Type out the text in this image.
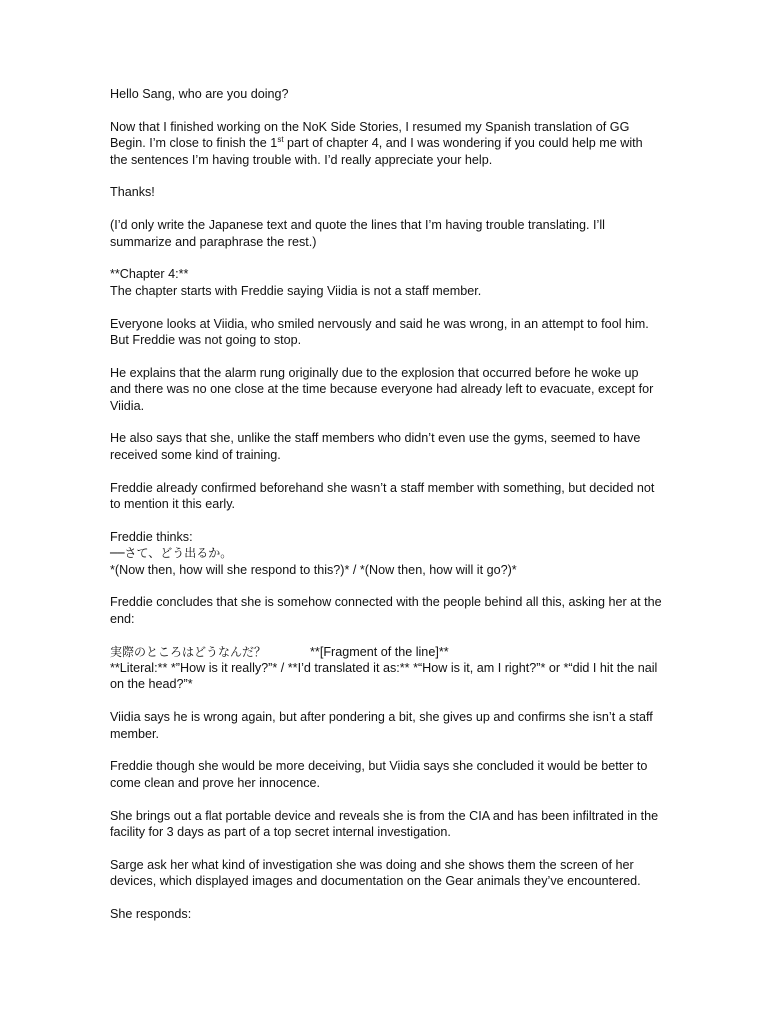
Hello Sang, who are you doing?

Now that I finished working on the NoK Side Stories, I resumed my Spanish translation of GG Begin. I’m close to finish the 1st part of chapter 4, and I was wondering if you could help me with the sentences I’m having trouble with. I’d really appreciate your help.

Thanks!

(I’d only write the Japanese text and quote the lines that I’m having trouble translating. I’ll summarize and paraphrase the rest.)

**Chapter 4:**
The chapter starts with Freddie saying Viidia is not a staff member.

Everyone looks at Viidia, who smiled nervously and said he was wrong, in an attempt to fool him. But Freddie was not going to stop.

He explains that the alarm rung originally due to the explosion that occurred before he woke up and there was no one close at the time because everyone had already left to evacuate, except for Viidia.

He also says that she, unlike the staff members who didn’t even use the gyms, seemed to have received some kind of training.

Freddie already confirmed beforehand she wasn’t a staff member with something, but decided not to mention it this early.

Freddie thinks:
──さて、どう出るか。
*(Now then, how will she respond to this?)* / *(Now then, how will it go?)*

Freddie concludes that she is somehow connected with the people behind all this, asking her at the end:

実際のところはどうなんだ？	**[Fragment of the line]**
**Literal:** *”How is it really?”* / **I’d translated it as:** *“How is it, am I right?”* or *“did I hit the nail on the head?”*

Viidia says he is wrong again, but after pondering a bit, she gives up and confirms she isn’t a staff member.

Freddie though she would be more deceiving, but Viidia says she concluded it would be better to come clean and prove her innocence.

She brings out a flat portable device and reveals she is from the CIA and has been infiltrated in the facility for 3 days as part of a top secret internal investigation.

Sarge ask her what kind of investigation she was doing and she shows them the screen of her devices, which displayed images and documentation on the Gear animals they’ve encountered.

She responds:
